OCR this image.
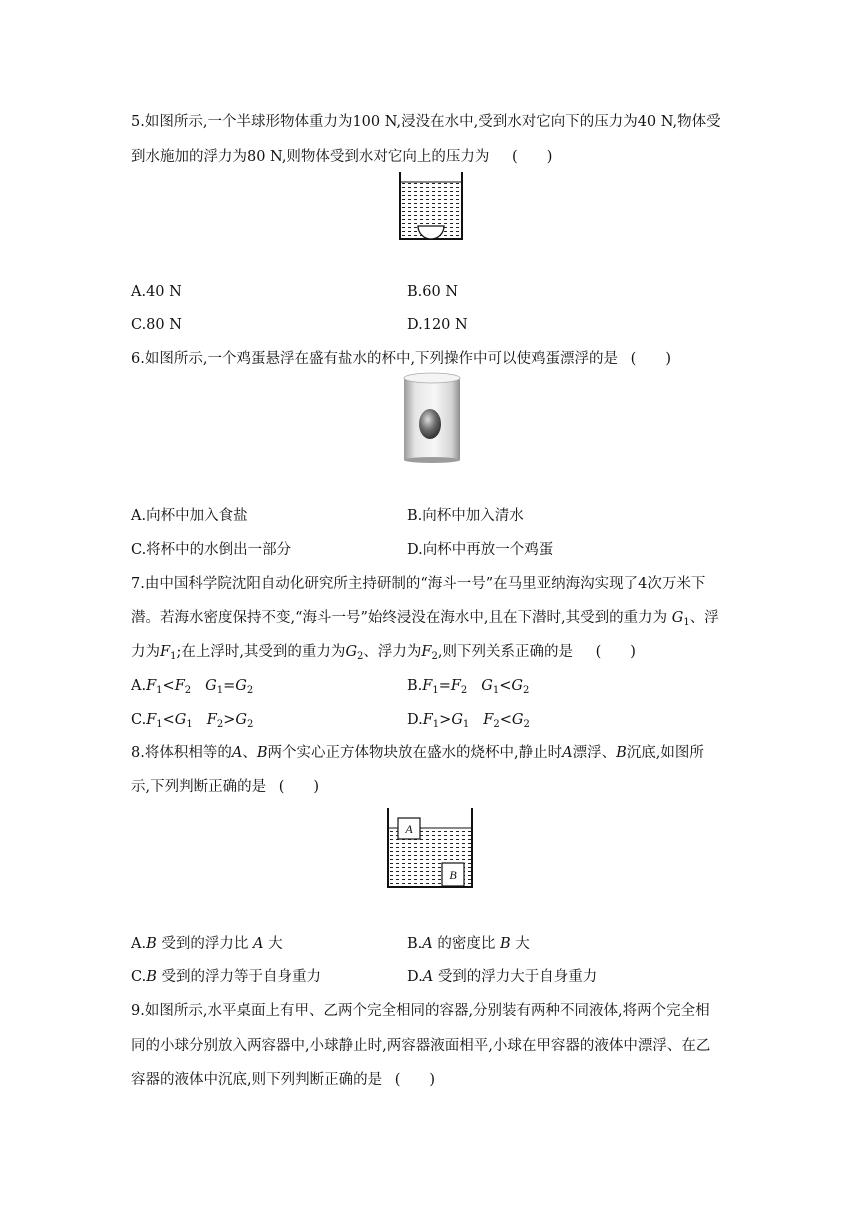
5.如图所示,一个半球形物体重力为100 N,浸没在水中,受到水对它向下的压力为40 N,物体受
到水施加的浮力为80 N,则物体受到水对它向上的压力为 (　　)
A.40 N	B.60 N
C.80 N	D.120 N
6.如图所示,一个鸡蛋悬浮在盛有盐水的杯中,下列操作中可以使鸡蛋漂浮的是 (　　)
A.向杯中加入食盐	B.向杯中加入清水
C.将杯中的水倒出一部分	D.向杯中再放一个鸡蛋
7.由中国科学院沈阳自动化研究所主持研制的“海斗一号”在马里亚纳海沟实现了4次万米下
潜。若海水密度保持不变,“海斗一号”始终浸没在海水中,且在下潜时,其受到的重力为 $G_1$、浮
力为$F_1$;在上浮时,其受到的重力为$G_2$、浮力为$F_2$,则下列关系正确的是 (　　)
$A.F_1<F_2$ $G_1=G_2$	$B.F_1=F_2$ $G_1<G_2$
$C.F_1<G_1$ $F_2>G_2$	$D.F_1>G_1$ $F_2<G_2$
8.将体积相等的A、B两个实心正方体物块放在盛水的烧杯中,静止时A漂浮、B沉底,如图所
示,下列判断正确的是 (　　)
A
B
A.B 受到的浮力比 A 大	B.A 的密度比 B 大
C.B 受到的浮力等于自身重力	D.A 受到的浮力大于自身重力
9.如图所示,水平桌面上有甲、乙两个完全相同的容器,分别装有两种不同液体,将两个完全相
同的小球分别放入两容器中,小球静止时,两容器液面相平,小球在甲容器的液体中漂浮、在乙
容器的液体中沉底,则下列判断正确的是 (　　)
